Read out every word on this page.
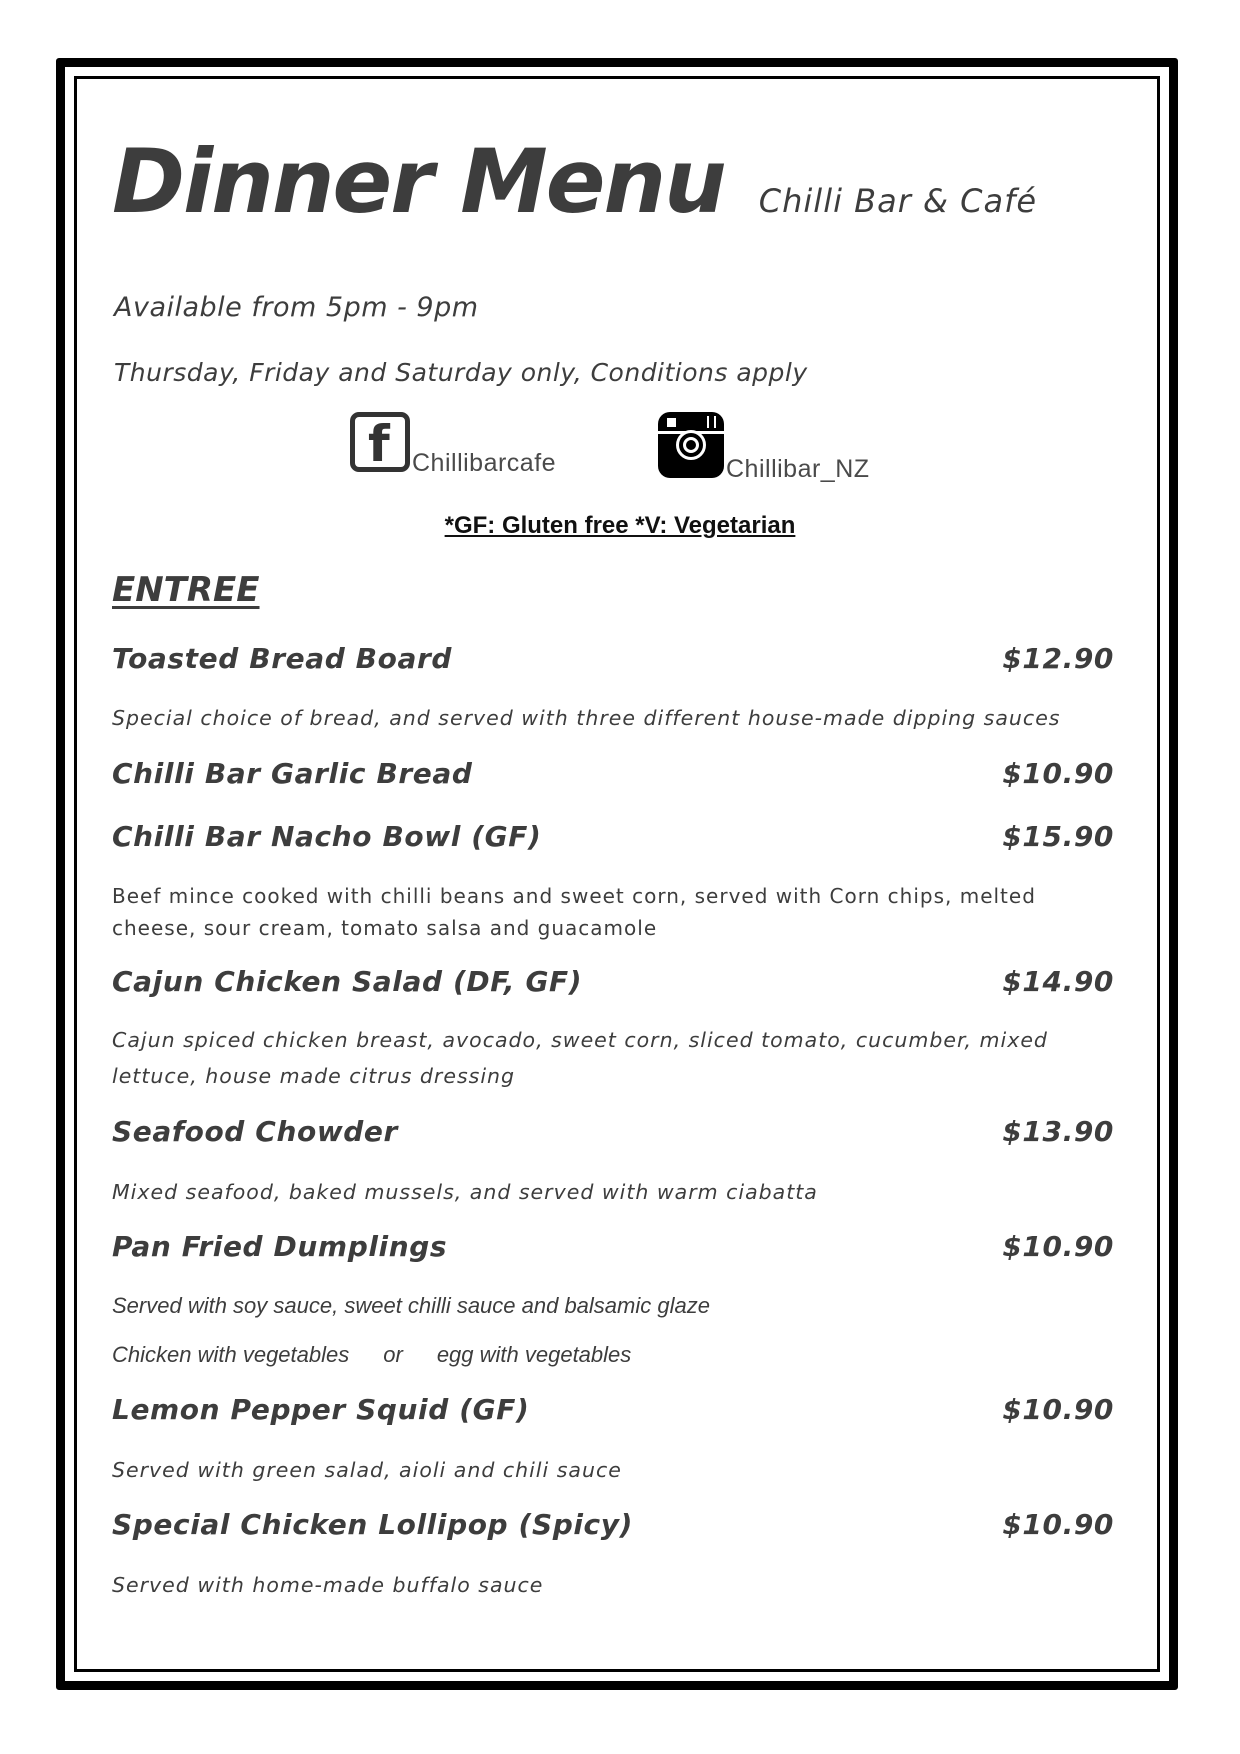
Dinner Menu Chilli Bar & Café
Available from 5pm - 9pm
Thursday, Friday and Saturday only, Conditions apply
f Chillibarcafe	Chillibar_NZ
*GF: Gluten free *V: Vegetarian
ENTREE
Toasted Bread Board	$12.90
Special choice of bread, and served with three different house-made dipping sauces
Chilli Bar Garlic Bread	$10.90
Chilli Bar Nacho Bowl (GF)	$15.90
Beef mince cooked with chilli beans and sweet corn, served with Corn chips, melted cheese, sour cream, tomato salsa and guacamole
Cajun Chicken Salad (DF, GF)	$14.90
Cajun spiced chicken breast, avocado, sweet corn, sliced tomato, cucumber, mixed lettuce, house made citrus dressing
Seafood Chowder	$13.90
Mixed seafood, baked mussels, and served with warm ciabatta
Pan Fried Dumplings	$10.90
Served with soy sauce, sweet chilli sauce and balsamic glaze
Chicken with vegetables or egg with vegetables
Lemon Pepper Squid (GF)	$10.90
Served with green salad, aioli and chili sauce
Special Chicken Lollipop (Spicy)	$10.90
Served with home-made buffalo sauce
